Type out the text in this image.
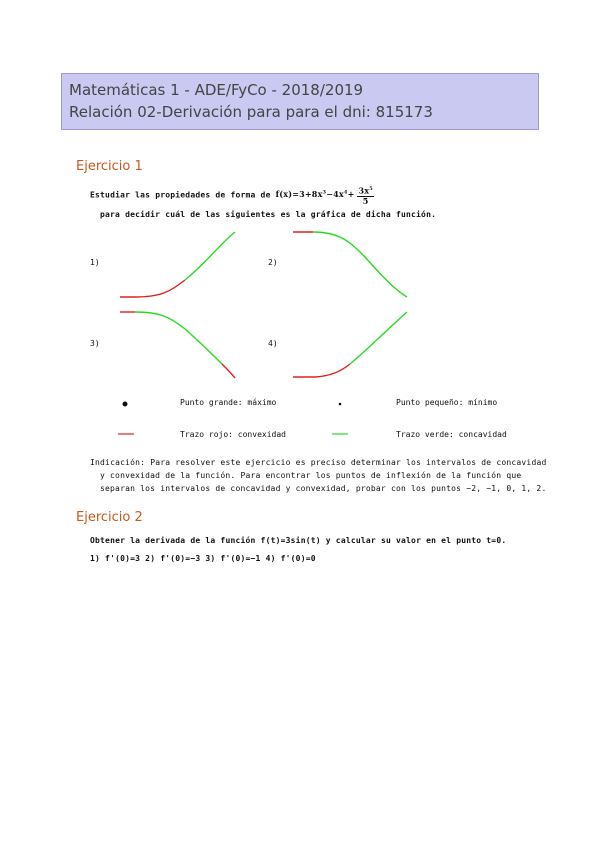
Matemáticas 1 - ADE/FyCo - 2018/2019
Relación 02-Derivación para para el dni: 815173
Ejercicio 1
Estudiar las propiedades de forma de $f(x)=3+8x^3-4x^4+ \frac{3x^5}{5}$
para decidir cuál de las siguientes es la gráfica de dicha función.
1)	2)
3)	4)
Punto grande: máximo	Punto pequeño: mínimo
Trazo rojo: convexidad	Trazo verde: concavidad
Indicación: Para resolver este ejercicio es preciso determinar los intervalos de concavidad
y convexidad de la función. Para encontrar los puntos de inflexión de la función que
separan los intervalos de concavidad y convexidad, probar con los puntos −2, −1, 0, 1, 2.
Ejercicio 2
Obtener la derivada de la función f(t)=3sin(t) y calcular su valor en el punto t=0.
1) f'(0)=3 2) f'(0)=−3 3) f'(0)=−1 4) f'(0)=0
